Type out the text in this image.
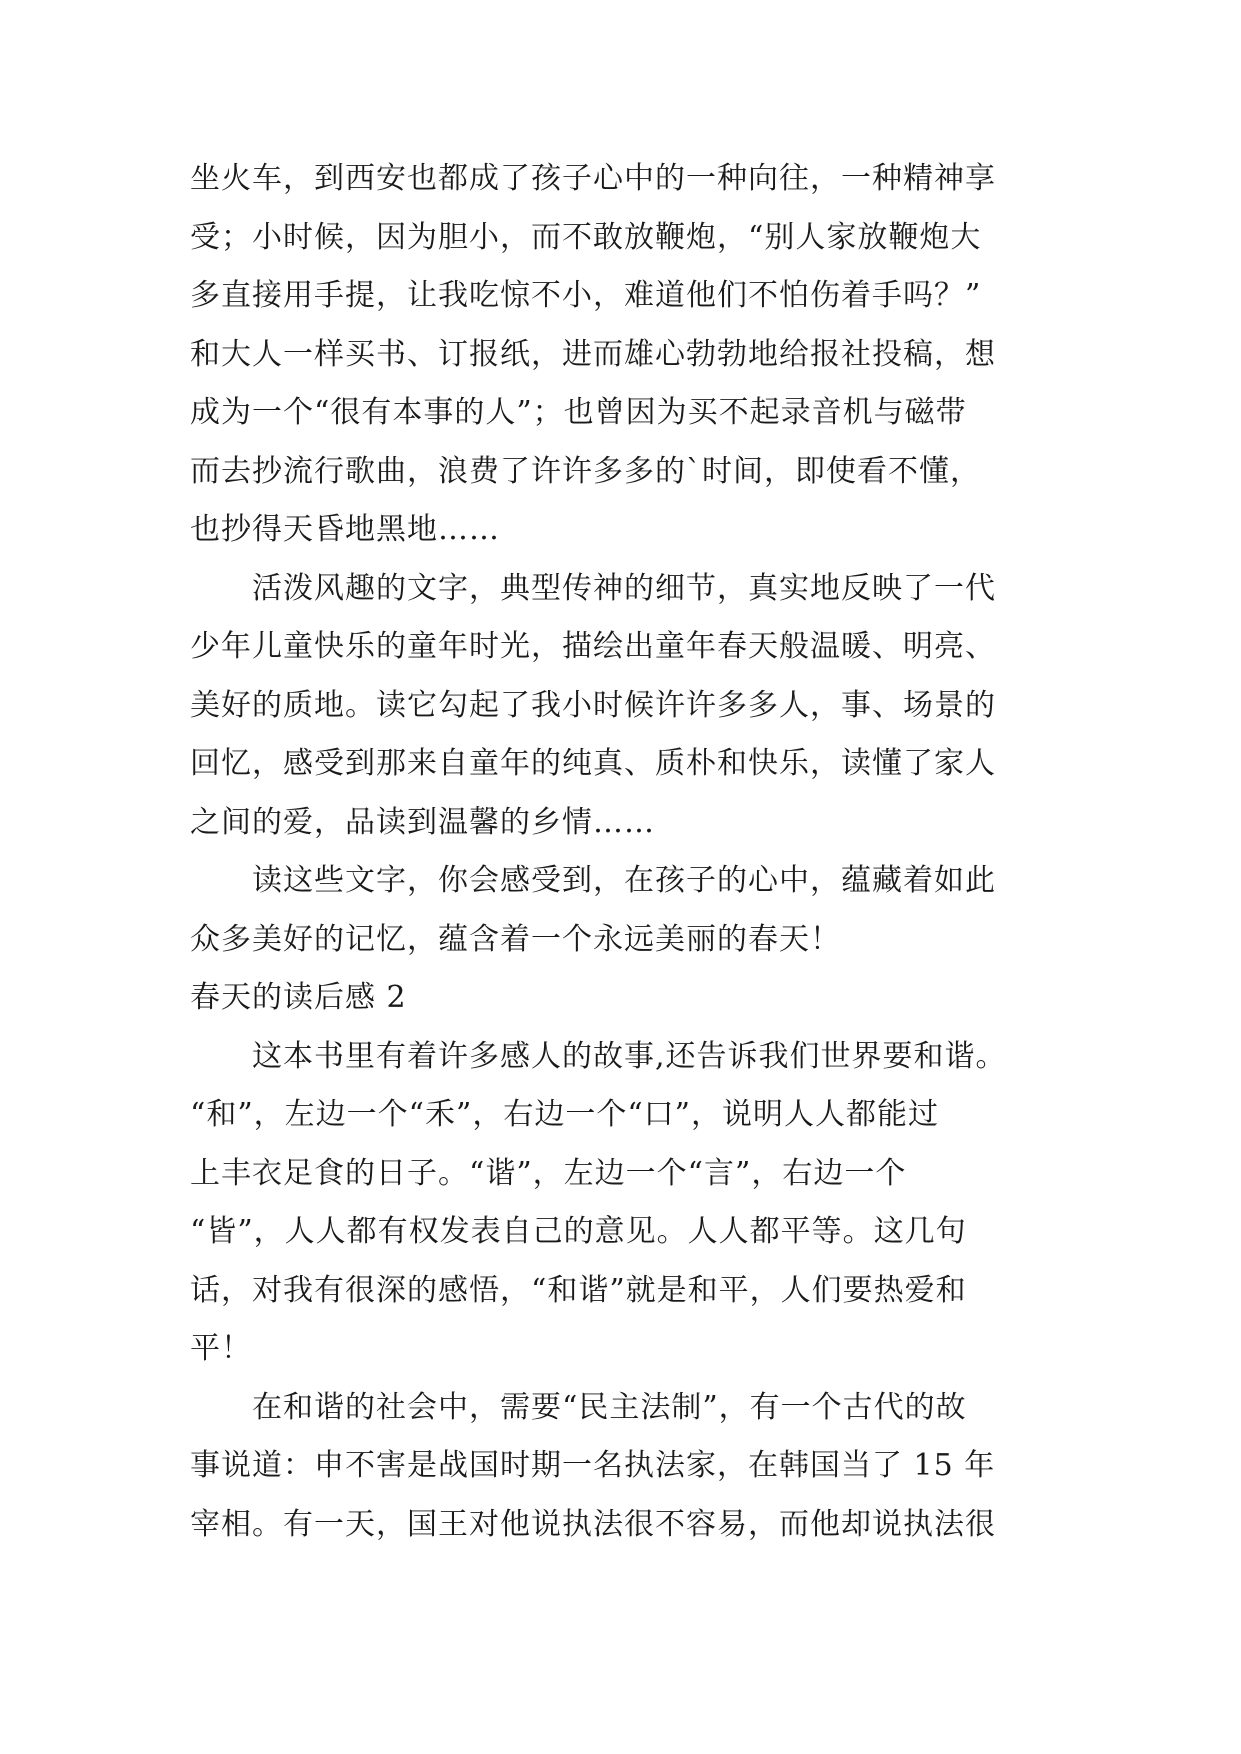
坐火车，到西安也都成了孩子心中的一种向往，一种精神享
受；小时候，因为胆小，而不敢放鞭炮，“别人家放鞭炮大
多直接用手提，让我吃惊不小，难道他们不怕伤着手吗？”
和大人一样买书、订报纸，进而雄心勃勃地给报社投稿，想
成为一个“很有本事的人”；也曾因为买不起录音机与磁带
而去抄流行歌曲，浪费了许许多多的`时间，即使看不懂，
也抄得天昏地黑地……
活泼风趣的文字，典型传神的细节，真实地反映了一代
少年儿童快乐的童年时光，描绘出童年春天般温暖、明亮、
美好的质地。读它勾起了我小时候许许多多人，事、场景的
回忆，感受到那来自童年的纯真、质朴和快乐，读懂了家人
之间的爱，品读到温馨的乡情……
读这些文字，你会感受到，在孩子的心中，蕴藏着如此
众多美好的记忆，蕴含着一个永远美丽的春天！
春天的读后感 2
这本书里有着许多感人的故事,还告诉我们世界要和谐。
“和”，左边一个“禾”，右边一个“口”，说明人人都能过
上丰衣足食的日子。“谐”，左边一个“言”，右边一个
“皆”，人人都有权发表自己的意见。人人都平等。这几句
话，对我有很深的感悟，“和谐”就是和平，人们要热爱和
平！
在和谐的社会中，需要“民主法制”，有一个古代的故
事说道：申不害是战国时期一名执法家，在韩国当了 15 年
宰相。有一天，国王对他说执法很不容易，而他却说执法很
